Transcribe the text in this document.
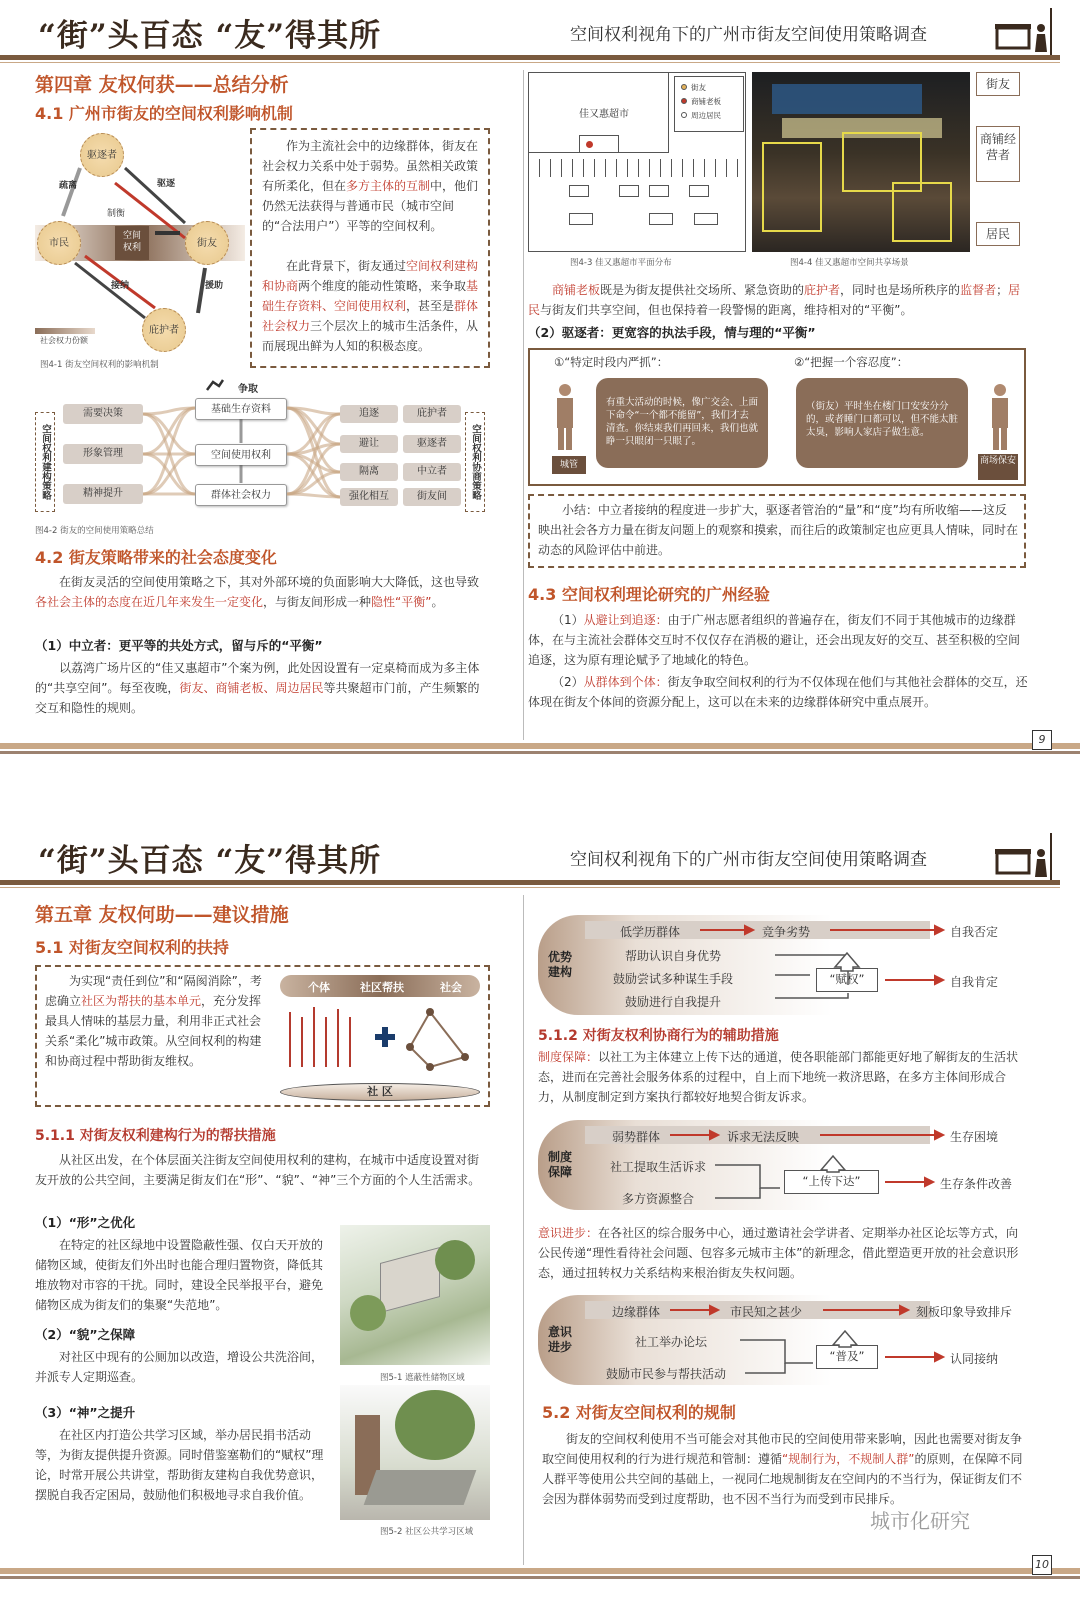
“街”头百态 “友”得其所	空间权利视角下的广州市街友空间使用策略调查
第四章 友权何获——总结分析
4.1 广州市街友的空间权利影响机制
驱逐者
市民	街友
庇护者
空间
权利
制衡
疏离	驱逐
接纳	援助
社会权力份额
图4-1 街友空间权利的影响机制
作为主流社会中的边缘群体，街友在社会权力关系中处于弱势。虽然相关政策有所柔化，但在多方主体的互制中，他们仍然无法获得与普通市民（城市空间的“合法用户”）平等的空间权利。
在此背景下，街友通过空间权利建构和协商两个维度的能动性策略，来争取基础生存资料、空间使用权利，甚至是群体社会权力三个层次上的城市生活条件，从而展现出鲜为人知的积极态度。
争取
空间权利建构策略	空间权利协商策略
需要决策
形象管理
精神提升
基础生存资料
空间使用权利
群体社会权力
追逐
避让
隔离
强化相互
庇护者
驱逐者
中立者
街友间
图4-2 街友的空间使用策略总结
4.2 街友策略带来的社会态度变化
在街友灵活的空间使用策略之下，其对外部环境的负面影响大大降低，这也导致各社会主体的态度在近几年来发生一定变化，与街友间形成一种隐性“平衡”。
（1）中立者：更平等的共处方式，留与斥的“平衡”
以荔湾广场片区的“佳又惠超市”个案为例，此处因设置有一定桌椅而成为多主体的“共享空间”。每至夜晚，街友、商铺老板、周边居民等共聚超市门前，产生频繁的交互和隐性的规则。
佳又惠超市
街友
商铺老板
周边居民
图4-3 佳又惠超市平面分布	图4-4 佳又惠超市空间共享场景
街友
商铺经营者
居民
商铺老板既是为街友提供社交场所、紧急资助的庇护者，同时也是场所秩序的监督者；居民与街友们共享空间，但也保持着一段警惕的距离，维持相对的“平衡”。
（2）驱逐者：更宽容的执法手段，情与理的“平衡”
①“特定时段内严抓”：	②“把握一个容忍度”：
城管
有重大活动的时候，像广交会、上面下命令“一个都不能留”，我们才去清查。你结束我们再回来，我们也就睁一只眼闭一只眼了。
（街友）平时坐在楼门口安安分分的，或者睡门口都可以，但不能太脏太臭，影响人家店子做生意。
商场保安
小结：中立者接纳的程度进一步扩大，驱逐者管治的“量”和“度”均有所收缩——这反映出社会各方力量在街友问题上的观察和摸索，而往后的政策制定也应更具人情味，同时在动态的风险评估中前进。
4.3 空间权利理论研究的广州经验
（1）从避让到追逐：由于广州志愿者组织的普遍存在，街友们不同于其他城市的边缘群体，在与主流社会群体交互时不仅仅存在消极的避让，还会出现友好的交互、甚至积极的空间追逐，这为原有理论赋予了地域化的特色。
（2）从群体到个体：街友争取空间权利的行为不仅体现在他们与其他社会群体的交互，还体现在街友个体间的资源分配上，这可以在未来的边缘群体研究中重点展开。
9
“街”头百态 “友”得其所	空间权利视角下的广州市街友空间使用策略调查
第五章 友权何助——建议措施
5.1 对街友空间权利的扶持
为实现“责任到位”和“隔阂消除”，考虑确立社区为帮扶的基本单元，充分发挥最具人情味的基层力量，利用非正式社会关系“柔化”城市政策。从空间权利的构建和协商过程中帮助街友维权。
个体	社区帮扶	社会
社 区
5.1.1 对街友权利建构行为的帮扶措施
从社区出发，在个体层面关注街友空间使用权利的建构，在城市中适度设置对街友开放的公共空间，主要满足街友们在“形”、“貌”、“神”三个方面的个人生活需求。
（1）“形”之优化
在特定的社区绿地中设置隐蔽性强、仅白天开放的储物区域，使街友们外出时也能合理归置物资，降低其堆放物对市容的干扰。同时，建设全民举报平台，避免储物区成为街友们的集聚“失范地”。
（2）“貌”之保障
对社区中现有的公厕加以改造，增设公共洗浴间，并派专人定期巡查。
（3）“神”之提升
在社区内打造公共学习区域，举办居民捐书活动等，为街友提供提升资源。同时借鉴塞勒们的“赋权”理论，时常开展公共讲堂，帮助街友建构自我优势意识，摆脱自我否定困局，鼓励他们积极地寻求自我价值。
图5-1 遮蔽性储物区域
图5-2 社区公共学习区域
优势
建构
低学历群体	竞争劣势	自我否定
帮助认识自身优势
鼓励尝试多种谋生手段
鼓励进行自我提升
“赋权”	自我肯定
5.1.2 对街友权利协商行为的辅助措施
制度保障：以社工为主体建立上传下达的通道，使各职能部门都能更好地了解街友的生活状态，进而在完善社会服务体系的过程中，自上而下地统一救济思路，在多方主体间形成合力，从制度制定到方案执行都较好地契合街友诉求。
制度
保障
弱势群体	诉求无法反映	生存困境
社工提取生活诉求
多方资源整合
“上传下达”	生存条件改善
意识进步：在各社区的综合服务中心，通过邀请社会学讲者、定期举办社区论坛等方式，向公民传递“理性看待社会问题、包容多元城市主体”的新理念，借此塑造更开放的社会意识形态，通过扭转权力关系结构来根治街友失权问题。
意识
进步
边缘群体	市民知之甚少	刻板印象导致排斥
社工举办论坛
鼓励市民参与帮扶活动
“普及”	认同接纳
5.2 对街友空间权利的规制
街友的空间权利使用不当可能会对其他市民的空间使用带来影响，因此也需要对街友争取空间使用权利的行为进行规范和管制：遵循“规制行为，不规制人群”的原则，在保障不同人群平等使用公共空间的基础上，一视同仁地规制街友在空间内的不当行为，保证街友们不会因为群体弱势而受到过度帮助，也不因不当行为而受到市民排斥。
城市化研究
10
